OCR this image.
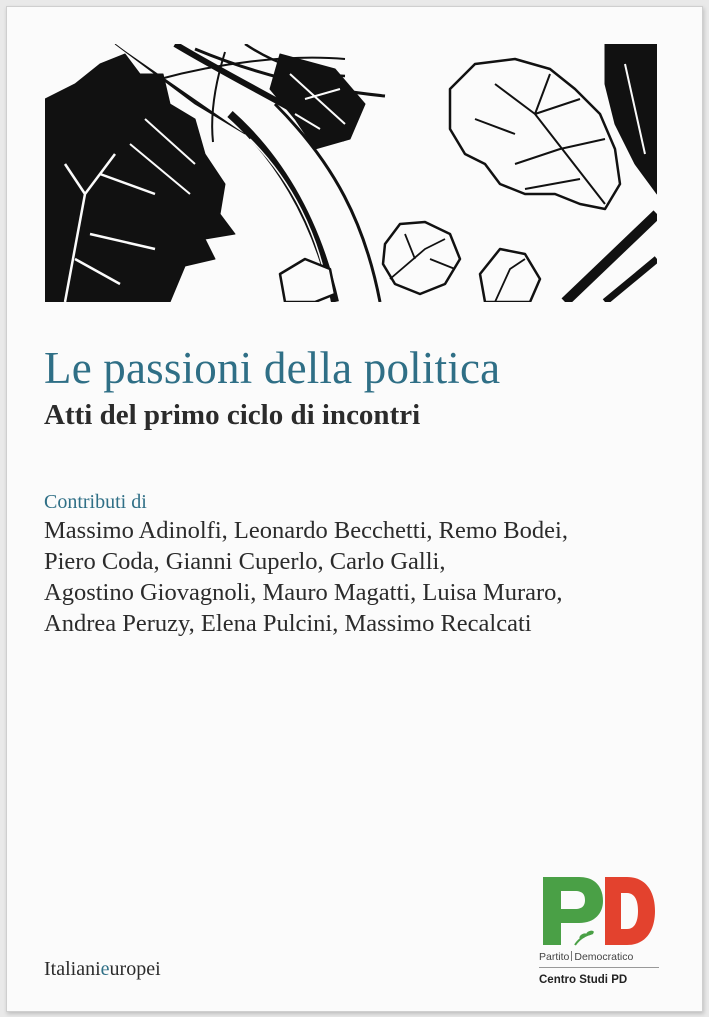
Le passioni della politica
Atti del primo ciclo di incontri
Contributi di
Massimo Adinolfi, Leonardo Becchetti, Remo Bodei,
Piero Coda, Gianni Cuperlo, Carlo Galli,
Agostino Giovagnoli, Mauro Magatti, Luisa Muraro,
Andrea Peruzy, Elena Pulcini, Massimo Recalcati
Italianieuropei
Partito Democratico
Centro Studi PD
